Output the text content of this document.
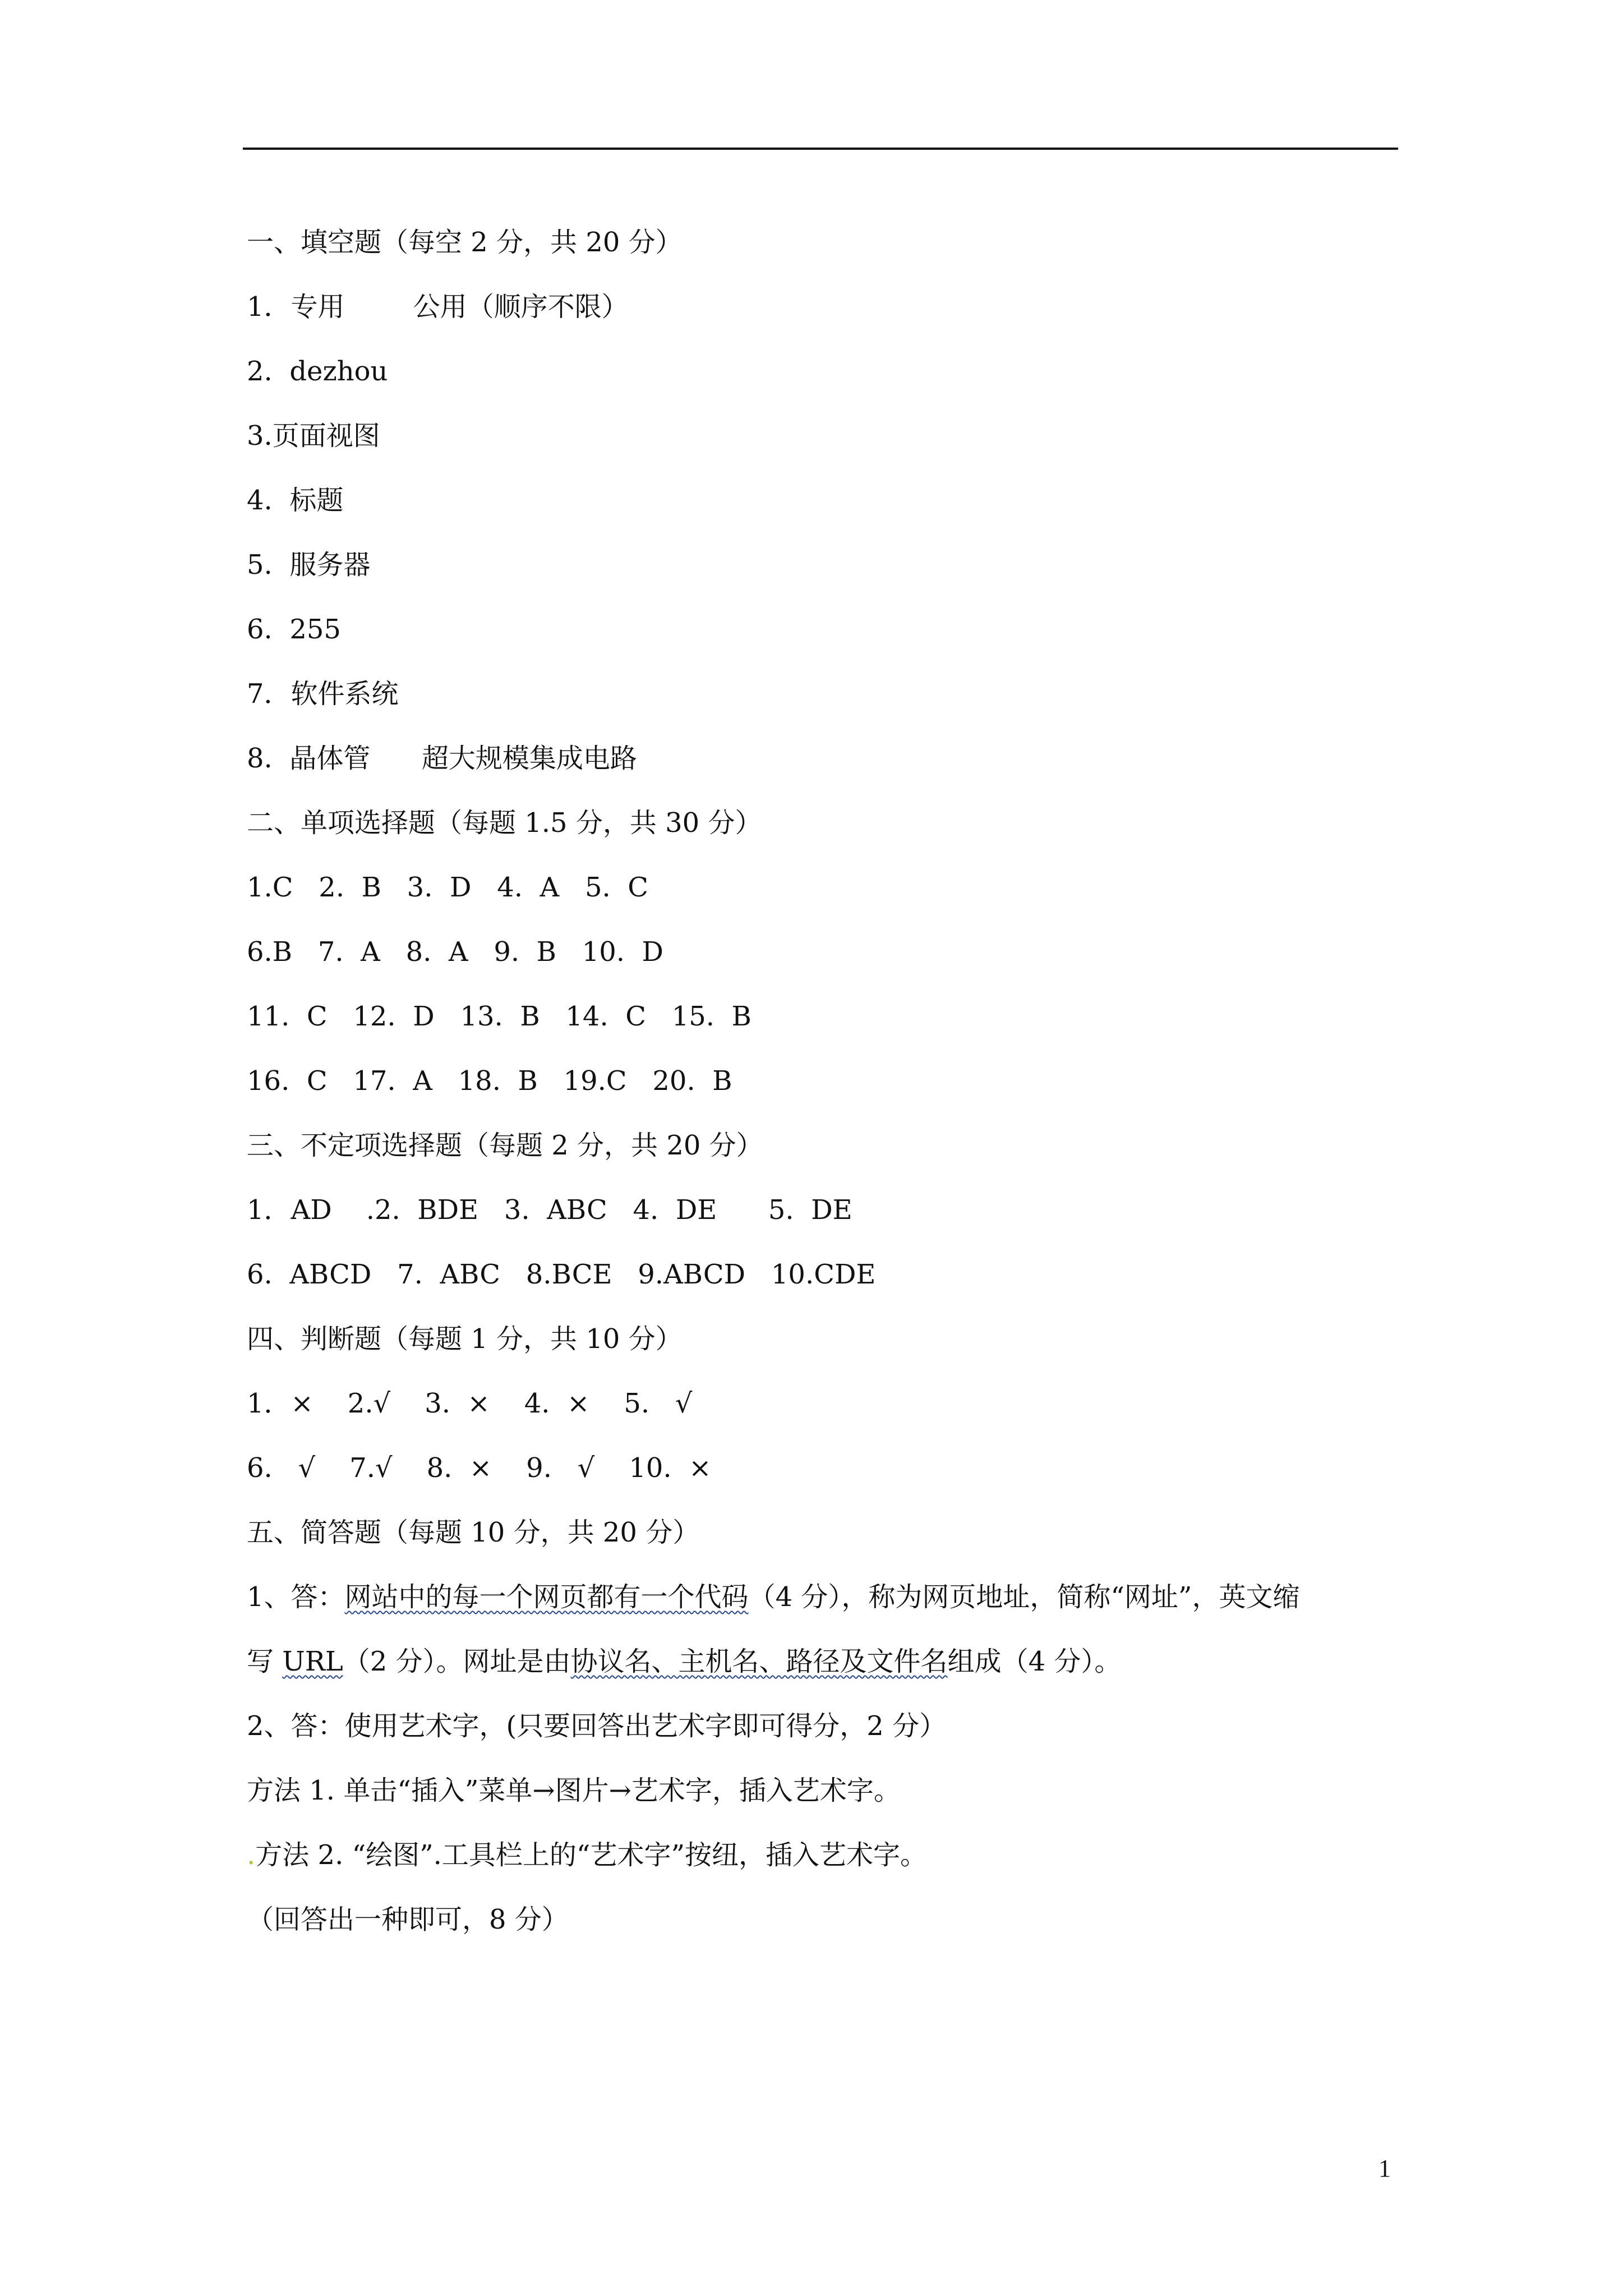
一、填空题（每空 2 分，共 20 分）
1．专用        公用（顺序不限）
2.  dezhou
3.页面视图
4.  标题
5.  服务器
6.  255
7．软件系统
8.  晶体管      超大规模集成电路
二、单项选择题（每题 1.5 分，共 30 分）
1.C   2.  B   3.  D   4.  A   5.  C
6.B   7.  A   8.  A   9.  B   10.  D
11.  C   12.  D   13.  B   14.  C   15.  B
16.  C   17.  A   18.  B   19.C   20.  B
三、不定项选择题（每题 2 分，共 20 分）
1．AD    .2.  BDE   3.  ABC   4.  DE      5.  DE
6.  ABCD   7.  ABC   8.BCE   9.ABCD   10.CDE
四、判断题（每题 1 分，共 10 分）
1．×    2.√    3.  ×    4.  ×    5.   √
6.   √    7.√    8.  ×    9.   √    10.  ×
五、简答题（每题 10 分，共 20 分）
1、答：网站中的每一个网页都有一个代码（4 分），称为网页地址，简称“网址”，英文缩
写 URL（2 分）。网址是由协议名、主机名、路径及文件名组成（4 分）。
2、答：使用艺术字，(只要回答出艺术字即可得分，2 分）
方法 1. 单击“插入”菜单→图片→艺术字，插入艺术字。
.方法 2. “绘图”.工具栏上的“艺术字”按纽，插入艺术字。
（回答出一种即可，8 分）
1
